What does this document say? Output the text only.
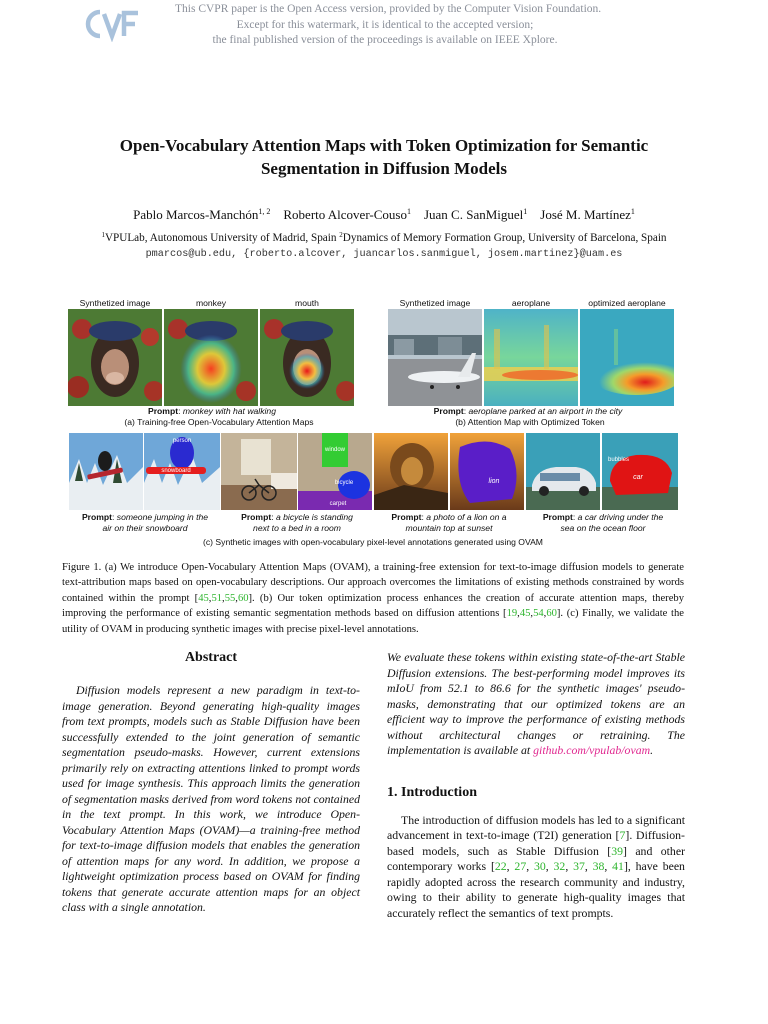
This CVPR paper is the Open Access version, provided by the Computer Vision Foundation.
Except for this watermark, it is identical to the accepted version;
the final published version of the proceedings is available on IEEE Xplore.
Open-Vocabulary Attention Maps with Token Optimization for Semantic
Segmentation in Diffusion Models
Pablo Marcos-Manchón$^{1, 2}$ Roberto Alcover-Couso$^1$ Juan C. SanMiguel$^1$ José M. Martínez$^1$
$^1$VPULab, Autonomous University of Madrid, Spain $^2$Dynamics of Memory Formation Group, University of Barcelona, Spain
pmarcos@ub.edu, {roberto.alcover, juancarlos.sanmiguel, josem.martinez}@uam.es
Synthetized image	monkey	mouth
Prompt: monkey with hat walking
(a) Training-free Open-Vocabulary Attention Maps
Synthetized image	aeroplane	optimized aeroplane
Prompt: aeroplane parked at an airport in the city
(b) Attention Map with Optimized Token
person
snowboard
window
bicycle
carpet
lion
bubbles
car
Prompt: someone jumping in the
air on their snowboard
Prompt: a bicycle is standing
next to a bed in a room
Prompt: a photo of a lion on a
mountain top at sunset
Prompt: a car driving under the
sea on the ocean floor
(c) Synthetic images with open-vocabulary pixel-level annotations generated using OVAM
Figure 1. (a) We introduce Open-Vocabulary Attention Maps (OVAM), a training-free extension for text-to-image diffusion models to generate text-attribution maps based on open-vocabulary descriptions. Our approach overcomes the limitations of existing methods constrained by words contained within the prompt [45,51,55,60]. (b) Our token optimization process enhances the creation of accurate attention maps, thereby improving the performance of existing semantic segmentation methods based on diffusion attentions [19,45,54,60]. (c) Finally, we validate the utility of OVAM in producing synthetic images with precise pixel-level annotations.
Abstract
Diffusion models represent a new paradigm in text-to-image generation. Beyond generating high-quality images from text prompts, models such as Stable Diffusion have been successfully extended to the joint generation of semantic segmentation pseudo-masks. However, current extensions primarily rely on extracting attentions linked to prompt words used for image synthesis. This approach limits the generation of segmentation masks derived from word tokens not contained in the text prompt. In this work, we introduce Open-Vocabulary Attention Maps (OVAM)—a training-free method for text-to-image diffusion models that enables the generation of attention maps for any word. In addition, we propose a lightweight optimization process based on OVAM for finding tokens that generate accurate attention maps for an object class with a single annotation.
We evaluate these tokens within existing state-of-the-art Stable Diffusion extensions. The best-performing model improves its mIoU from 52.1 to 86.6 for the synthetic images' pseudo-masks, demonstrating that our optimized tokens are an efficient way to improve the performance of existing methods without architectural changes or retraining. The implementation is available at github.com/vpulab/ovam.
1. Introduction
The introduction of diffusion models has led to a significant advancement in text-to-image (T2I) generation [7]. Diffusion-based models, such as Stable Diffusion [39] and other contemporary works [22, 27, 30, 32, 37, 38, 41], have been rapidly adopted across the research community and industry, owing to their ability to generate high-quality images that accurately reflect the semantics of text prompts.
